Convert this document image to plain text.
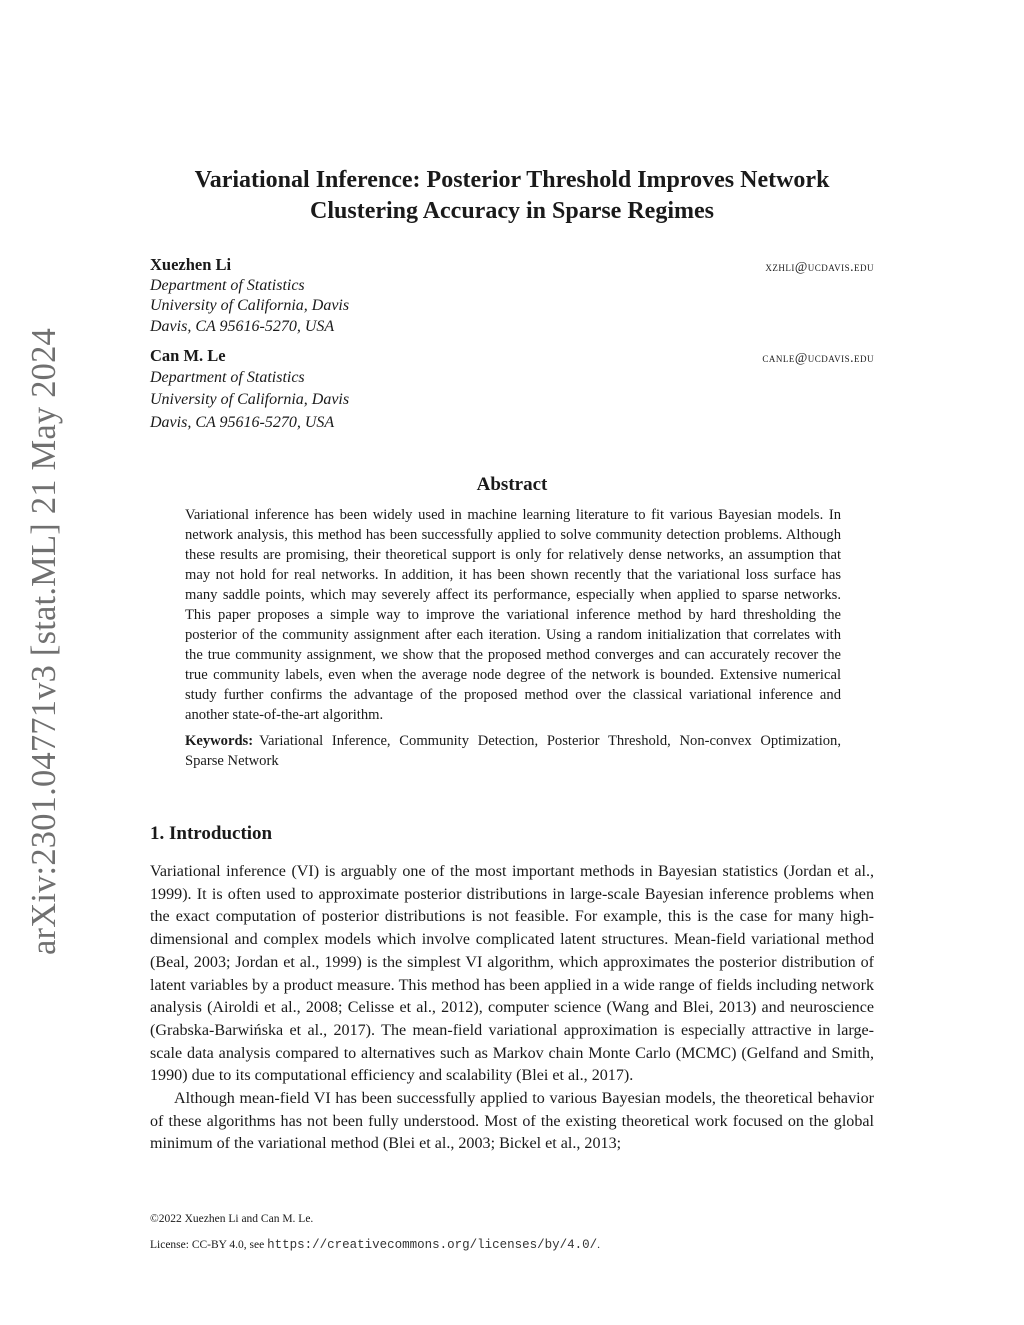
arXiv:2301.04771v3 [stat.ML] 21 May 2024
Variational Inference: Posterior Threshold Improves Network
Clustering Accuracy in Sparse Regimes
Xuezhen Li	xzhli@ucdavis.edu
Department of Statistics
University of California, Davis
Davis, CA 95616-5270, USA
Can M. Le	canle@ucdavis.edu
Department of Statistics
University of California, Davis
Davis, CA 95616-5270, USA
Abstract

Variational inference has been widely used in machine learning literature to fit various Bayesian models. In network analysis, this method has been successfully applied to solve community detection problems. Although these results are promising, their theoretical support is only for relatively dense networks, an assumption that may not hold for real networks. In addition, it has been shown recently that the variational loss surface has many saddle points, which may severely affect its performance, especially when applied to sparse networks. This paper proposes a simple way to improve the variational inference method by hard thresholding the posterior of the community assignment after each iteration. Using a random initialization that correlates with the true community assignment, we show that the proposed method converges and can accurately recover the true community labels, even when the average node degree of the network is bounded. Extensive numerical study further confirms the advantage of the proposed method over the classical variational inference and another state-of-the-art algorithm.

Keywords: Variational Inference, Community Detection, Posterior Threshold, Non-convex Optimization, Sparse Network

1. Introduction

Variational inference (VI) is arguably one of the most important methods in Bayesian statistics (Jordan et al., 1999). It is often used to approximate posterior distributions in large-scale Bayesian inference problems when the exact computation of posterior distributions is not feasible. For example, this is the case for many high-dimensional and complex models which involve complicated latent structures. Mean-field variational method (Beal, 2003; Jordan et al., 1999) is the simplest VI algorithm, which approximates the posterior distribution of latent variables by a product measure. This method has been applied in a wide range of fields including network analysis (Airoldi et al., 2008; Celisse et al., 2012), computer science (Wang and Blei, 2013) and neuroscience (Grabska-Barwińska et al., 2017). The mean-field variational approximation is especially attractive in large-scale data analysis compared to alternatives such as Markov chain Monte Carlo (MCMC) (Gelfand and Smith, 1990) due to its computational efficiency and scalability (Blei et al., 2017).

Although mean-field VI has been successfully applied to various Bayesian models, the theoretical behavior of these algorithms has not been fully understood. Most of the existing theoretical work focused on the global minimum of the variational method (Blei et al., 2003; Bickel et al., 2013;

©2022 Xuezhen Li and Can M. Le.
License: CC-BY 4.0, see https://creativecommons.org/licenses/by/4.0/.
